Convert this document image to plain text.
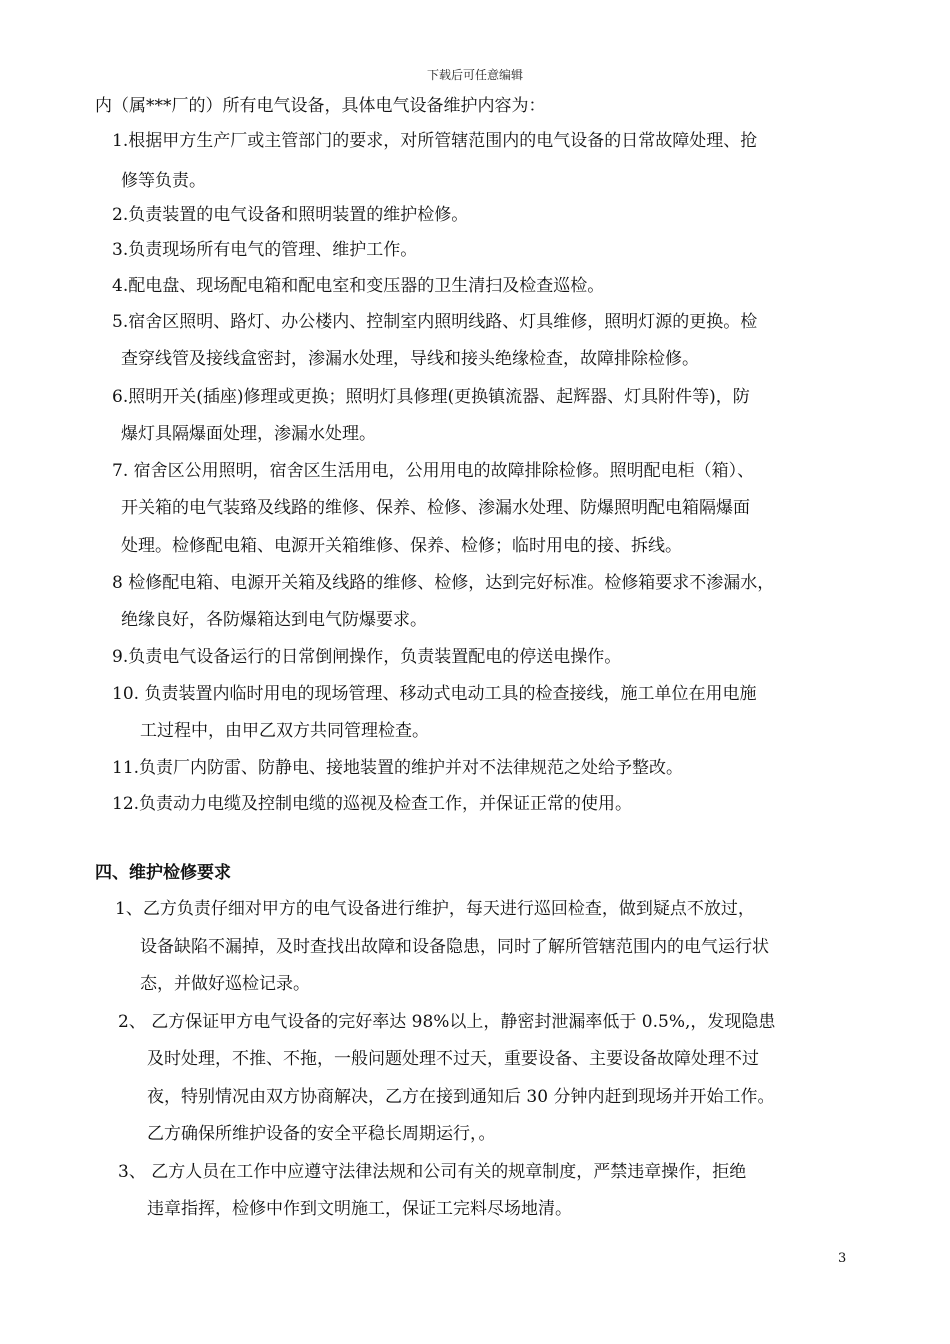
下载后可任意编辑
内（属***厂的）所有电气设备，具体电气设备维护内容为：
1.根据甲方生产厂或主管部门的要求，对所管辖范围内的电气设备的日常故障处理、抢
修等负责。
2.负责装置的电气设备和照明装置的维护检修。
3.负责现场所有电气的管理、维护工作。
4.配电盘、现场配电箱和配电室和变压器的卫生清扫及检查巡检。
5.宿舍区照明、路灯、办公楼内、控制室内照明线路、灯具维修，照明灯源的更换。检
查穿线管及接线盒密封，渗漏水处理，导线和接头绝缘检查，故障排除检修。
6.照明开关(插座)修理或更换；照明灯具修理(更换镇流器、起辉器、灯具附件等)，防
爆灯具隔爆面处理，渗漏水处理。
7. 宿舍区公用照明，宿舍区生活用电，公用用电的故障排除检修。照明配电柜（箱）、
开关箱的电气装臵及线路的维修、保养、检修、渗漏水处理、防爆照明配电箱隔爆面
处理。检修配电箱、电源开关箱维修、保养、检修；临时用电的接、拆线。
8 检修配电箱、电源开关箱及线路的维修、检修，达到完好标准。检修箱要求不渗漏水，
绝缘良好，各防爆箱达到电气防爆要求。
9.负责电气设备运行的日常倒闸操作，负责装置配电的停送电操作。
10. 负责装置内临时用电的现场管理、移动式电动工具的检查接线，施工单位在用电施
工过程中，由甲乙双方共同管理检查。
11.负责厂内防雷、防静电、接地装置的维护并对不法律规范之处给予整改。
12.负责动力电缆及控制电缆的巡视及检查工作，并保证正常的使用。
四、维护检修要求
1、乙方负责仔细对甲方的电气设备进行维护，每天进行巡回检查，做到疑点不放过，
设备缺陷不漏掉，及时查找出故障和设备隐患，同时了解所管辖范围内的电气运行状
态，并做好巡检记录。
2、 乙方保证甲方电气设备的完好率达 98%以上，静密封泄漏率低于 0.5%,，发现隐患
及时处理，不推、不拖，一般问题处理不过天，重要设备、主要设备故障处理不过
夜，特别情况由双方协商解决，乙方在接到通知后 30 分钟内赶到现场并开始工作。
乙方确保所维护设备的安全平稳长周期运行，。
3、 乙方人员在工作中应遵守法律法规和公司有关的规章制度，严禁违章操作，拒绝
违章指挥，检修中作到文明施工，保证工完料尽场地清。
3
